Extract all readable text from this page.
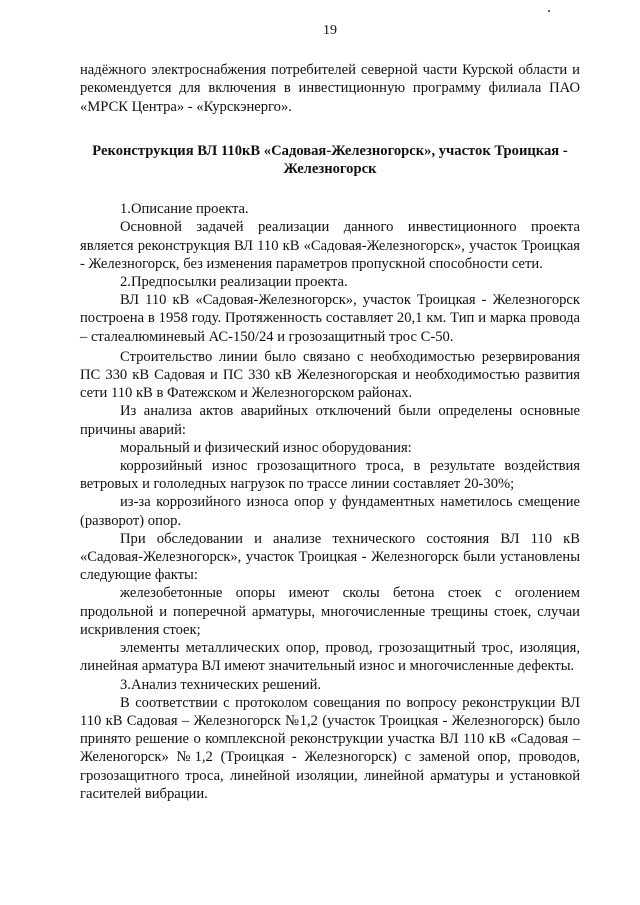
19

надёжного электроснабжения потребителей северной части Курской области и рекомендуется для включения в инвестиционную программу филиала ПАО «МРСК Центра» - «Курскэнерго».

Реконструкция ВЛ 110кВ «Садовая-Железногорск», участок Троицкая - Железногорск

1.Описание проекта.

Основной задачей реализации данного инвестиционного проекта является реконструкция ВЛ 110 кВ «Садовая-Железногорск», участок Троицкая - Железногорск, без изменения параметров пропускной способности сети.

2.Предпосылки реализации проекта.

ВЛ 110 кВ «Садовая-Железногорск», участок Троицкая - Железногорск построена в 1958 году. Протяженность составляет 20,1 км. Тип и марка провода – сталеалюминевый АС-150/24 и грозозащитный трос С-50.

Строительство линии было связано с необходимостью резервирования ПС 330 кВ Садовая и ПС 330 кВ Железногорская и необходимостью развития сети 110 кВ в Фатежском и Железногорском районах.

Из анализа актов аварийных отключений были определены основные причины аварий:

моральный и физический износ оборудования:

коррозийный износ грозозащитного троса, в результате воздействия ветровых и гололедных нагрузок по трассе линии составляет 20-30%;

из-за коррозийного износа опор у фундаментных наметилось смещение (разворот) опор.

При обследовании и анализе технического состояния ВЛ 110 кВ «Садовая-Железногорск», участок Троицкая - Железногорск были установлены следующие факты:

железобетонные опоры имеют сколы бетона стоек с оголением продольной и поперечной арматуры, многочисленные трещины стоек, случаи искривления стоек;

элементы металлических опор, провод, грозозащитный трос, изоляция, линейная арматура ВЛ имеют значительный износ и многочисленные дефекты.

3.Анализ технических решений.

В соответствии с протоколом совещания по вопросу реконструкции ВЛ 110 кВ Садовая – Железногорск №1,2 (участок Троицкая - Железногорск) было принято решение о комплексной реконструкции участка ВЛ 110 кВ «Садовая – Желеногорск» №1,2 (Троицкая - Железногорск) с заменой опор, проводов, грозозащитного троса, линейной изоляции, линейной арматуры и установкой гасителей вибрации.
